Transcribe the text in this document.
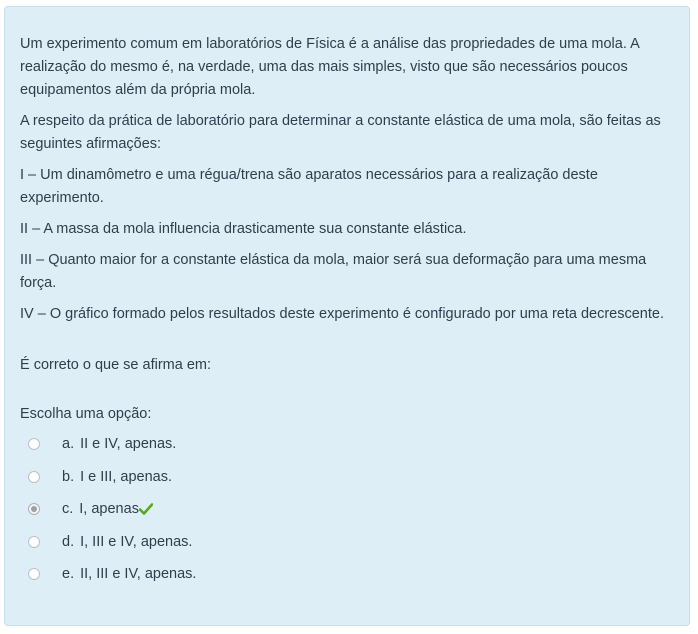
Um experimento comum em laboratórios de Física é a análise das propriedades de uma mola. A realização do mesmo é, na verdade, uma das mais simples, visto que são necessários poucos equipamentos além da própria mola.

A respeito da prática de laboratório para determinar a constante elástica de uma mola, são feitas as seguintes afirmações:

I – Um dinamômetro e uma régua/trena são aparatos necessários para a realização deste experimento.

II – A massa da mola influencia drasticamente sua constante elástica.

III – Quanto maior for a constante elástica da mola, maior será sua deformação para uma mesma força.

IV – O gráfico formado pelos resultados deste experimento é configurado por uma reta decrescente.

É correto o que se afirma em:

Escolha uma opção:

a. II e IV, apenas.
b. I e III, apenas.
c. I, apenas
d. I, III e IV, apenas.
e. II, III e IV, apenas.
